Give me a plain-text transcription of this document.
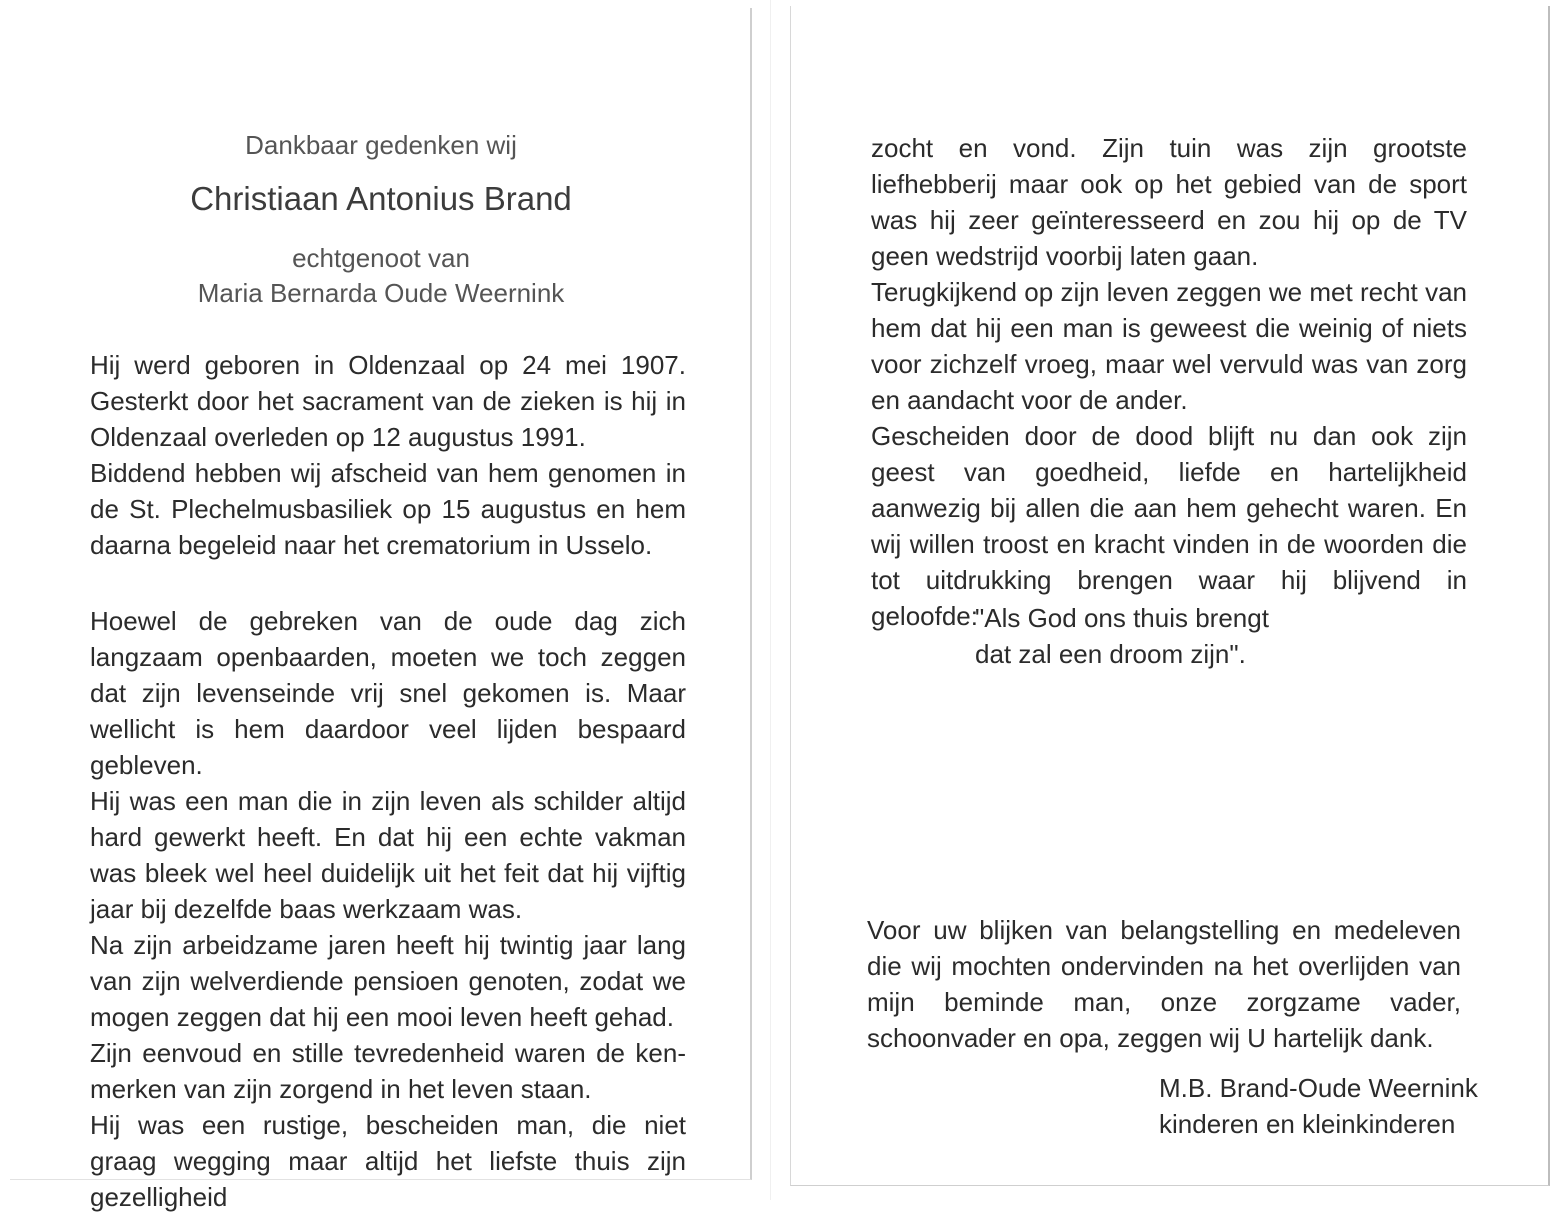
Dankbaar gedenken wij

Christiaan Antonius Brand

echtgenoot van

Maria Bernarda Oude Weernink

Hij werd geboren in Oldenzaal op 24 mei 1907. Gesterkt door het sacrament van de zieken is hij in Oldenzaal overleden op 12 augustus 1991.

Biddend hebben wij afscheid van hem genomen in de St. Plechelmusbasiliek op 15 augustus en hem daarna begeleid naar het crematorium in Usselo.

Hoewel de gebreken van de oude dag zich langzaam openbaarden, moeten we toch zeggen dat zijn levenseinde vrij snel gekomen is. Maar wellicht is hem daardoor veel lijden bespaard gebleven.

Hij was een man die in zijn leven als schilder altijd hard gewerkt heeft. En dat hij een echte vakman was bleek wel heel duidelijk uit het feit dat hij vijftig jaar bij dezelfde baas werkzaam was.

Na zijn arbeidzame jaren heeft hij twintig jaar lang van zijn welverdiende pensioen genoten, zodat we mogen zeggen dat hij een mooi leven heeft gehad.

Zijn eenvoud en stille tevredenheid waren de ken-merken van zijn zorgend in het leven staan.

Hij was een rustige, bescheiden man, die niet graag wegging maar altijd het liefste thuis zijn gezelligheid

zocht en vond. Zijn tuin was zijn grootste liefhebberij maar ook op het gebied van de sport was hij zeer geïnteresseerd en zou hij op de TV geen wedstrijd voorbij laten gaan.

Terugkijkend op zijn leven zeggen we met recht van hem dat hij een man is geweest die weinig of niets voor zichzelf vroeg, maar wel vervuld was van zorg en aandacht voor de ander.

Gescheiden door de dood blijft nu dan ook zijn geest van goedheid, liefde en hartelijkheid aanwezig bij allen die aan hem gehecht waren. En wij willen troost en kracht vinden in de woorden die tot uitdrukking brengen waar hij blijvend in geloofde:

"Als God ons thuis brengt

dat zal een droom zijn".

Voor uw blijken van belangstelling en medeleven die wij mochten ondervinden na het overlijden van mijn beminde man, onze zorgzame vader, schoonvader en opa, zeggen wij U hartelijk dank.

M.B. Brand-Oude Weernink

kinderen en kleinkinderen
